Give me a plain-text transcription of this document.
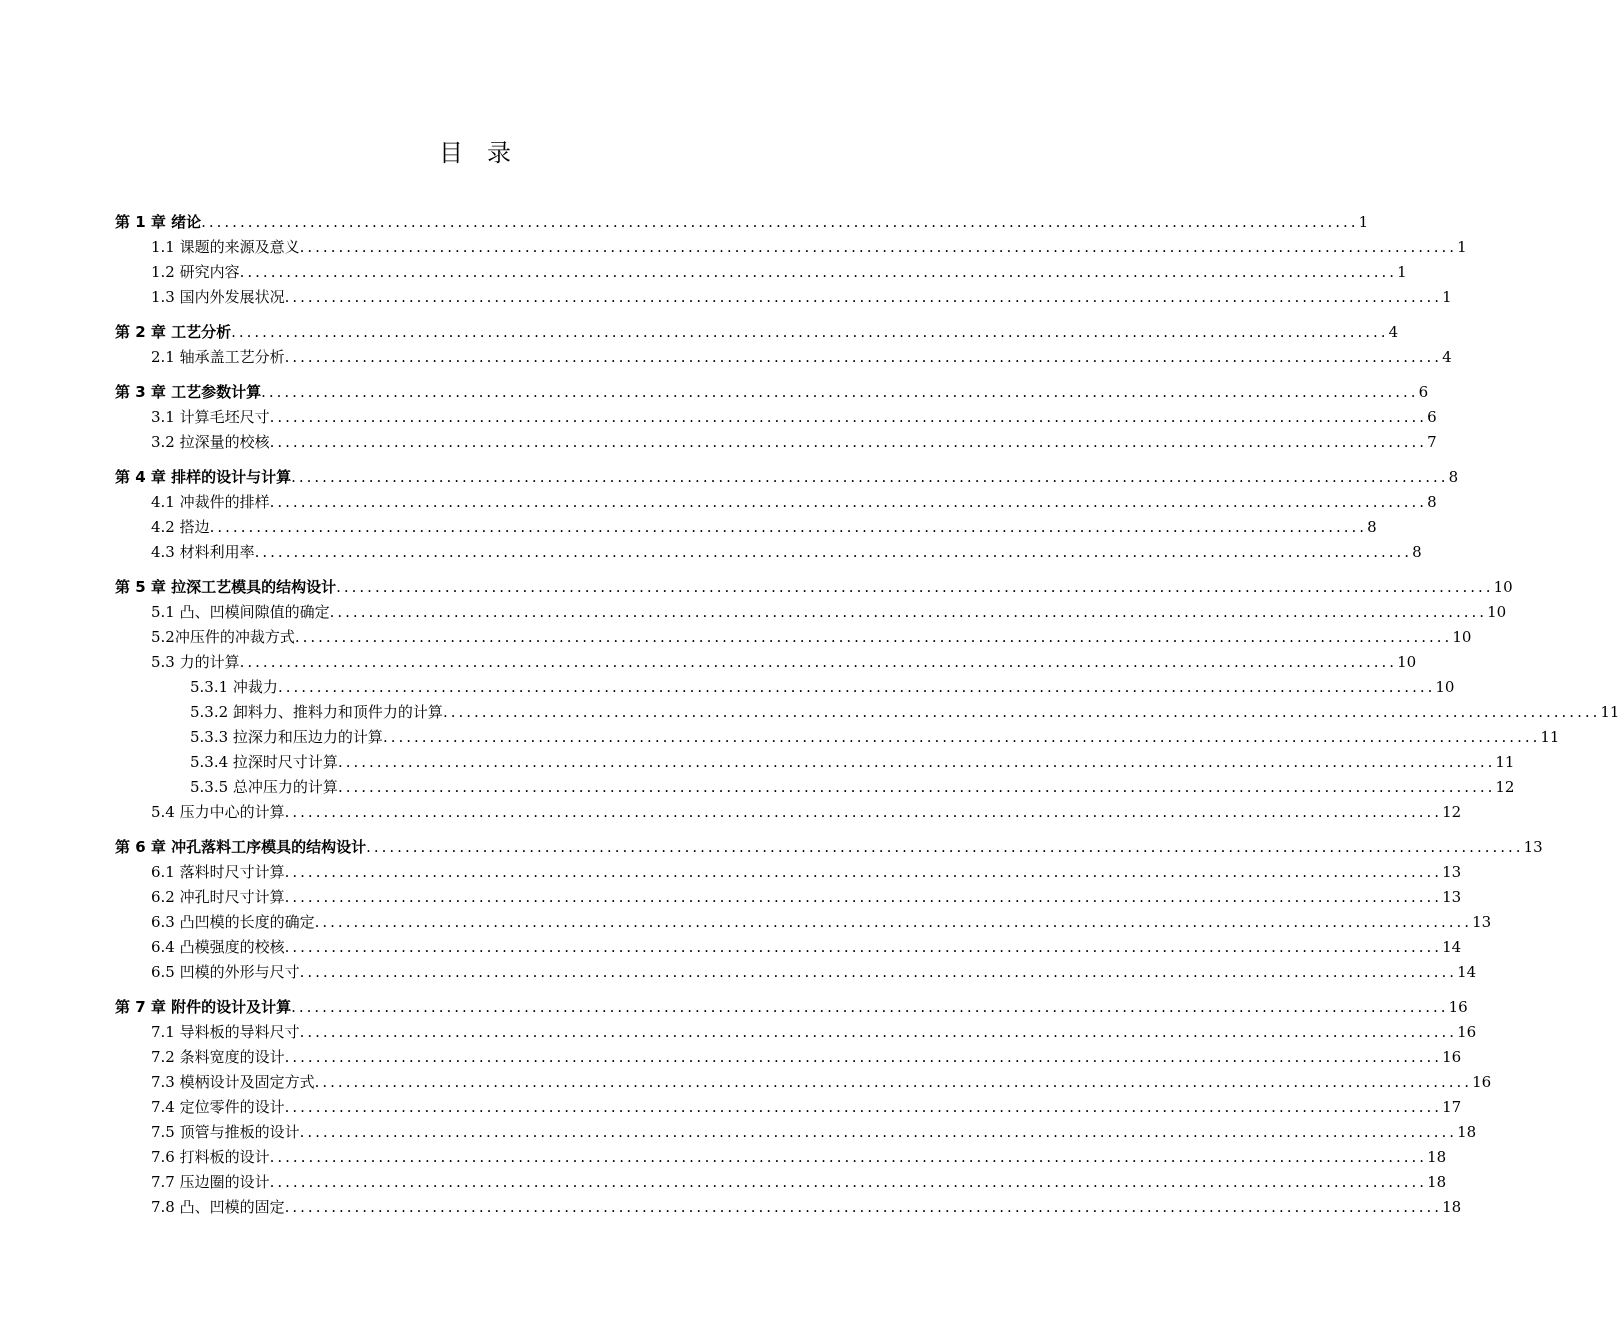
目　录
第 1 章 绪论 ..................................................................................................................................................... 1
1.1 课题的来源及意义 ..................................................................................................................................................... 1
1.2 研究内容 ..................................................................................................................................................... 1
1.3 国内外发展状况 ..................................................................................................................................................... 1
第 2 章 工艺分析 ..................................................................................................................................................... 4
2.1 轴承盖工艺分析 ..................................................................................................................................................... 4
第 3 章 工艺参数计算 ..................................................................................................................................................... 6
3.1 计算毛坯尺寸 ..................................................................................................................................................... 6
3.2 拉深量的校核 ..................................................................................................................................................... 7
第 4 章 排样的设计与计算 ..................................................................................................................................................... 8
4.1 冲裁件的排样 ..................................................................................................................................................... 8
4.2 搭边 ..................................................................................................................................................... 8
4.3 材料利用率 ..................................................................................................................................................... 8
第 5 章 拉深工艺模具的结构设计 ..................................................................................................................................................... 10
5.1 凸、凹模间隙值的确定 ..................................................................................................................................................... 10
5.2冲压件的冲裁方式 ..................................................................................................................................................... 10
5.3 力的计算 ..................................................................................................................................................... 10
5.3.1 冲裁力 ..................................................................................................................................................... 10
5.3.2 卸料力、推料力和顶件力的计算 ..................................................................................................................................................... 11
5.3.3 拉深力和压边力的计算 ..................................................................................................................................................... 11
5.3.4 拉深时尺寸计算 ..................................................................................................................................................... 11
5.3.5 总冲压力的计算 ..................................................................................................................................................... 12
5.4 压力中心的计算 ..................................................................................................................................................... 12
第 6 章 冲孔落料工序模具的结构设计 ..................................................................................................................................................... 13
6.1 落料时尺寸计算 ..................................................................................................................................................... 13
6.2 冲孔时尺寸计算 ..................................................................................................................................................... 13
6.3 凸凹模的长度的确定 ..................................................................................................................................................... 13
6.4 凸模强度的校核 ..................................................................................................................................................... 14
6.5 凹模的外形与尺寸 ..................................................................................................................................................... 14
第 7 章 附件的设计及计算 ..................................................................................................................................................... 16
7.1 导料板的导料尺寸 ..................................................................................................................................................... 16
7.2 条料宽度的设计 ..................................................................................................................................................... 16
7.3 模柄设计及固定方式 ..................................................................................................................................................... 16
7.4 定位零件的设计 ..................................................................................................................................................... 17
7.5 顶管与推板的设计 ..................................................................................................................................................... 18
7.6 打料板的设计 ..................................................................................................................................................... 18
7.7 压边圈的设计 ..................................................................................................................................................... 18
7.8 凸、凹模的固定 ..................................................................................................................................................... 18
